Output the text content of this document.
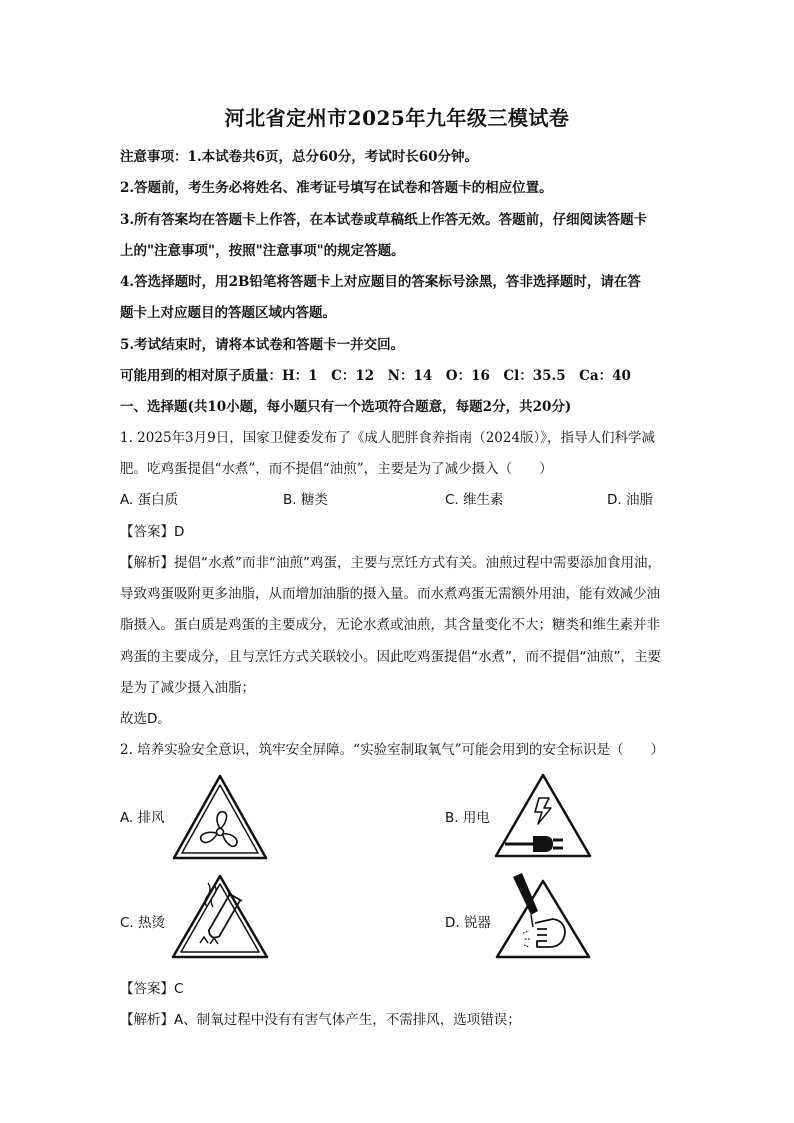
河北省定州市2025年九年级三模试卷
注意事项：1.本试卷共6页，总分60分，考试时长60分钟。
2.答题前，考生务必将姓名、准考证号填写在试卷和答题卡的相应位置。
3.所有答案均在答题卡上作答，在本试卷或草稿纸上作答无效。答题前，仔细阅读答题卡
上的"注意事项"，按照"注意事项"的规定答题。
4.答选择题时，用2B铅笔将答题卡上对应题目的答案标号涂黑，答非选择题时，请在答
题卡上对应题目的答题区域内答题。
5.考试结束时，请将本试卷和答题卡一并交回。
可能用到的相对原子质量：H：1　C：12　N：14　O：16　Cl：35.5　Ca：40
一、选择题(共10小题，每小题只有一个选项符合题意，每题2分，共20分)
1. 2025年3月9日，国家卫健委发布了《成人肥胖食养指南（2024版）》，指导人们科学减
肥。吃鸡蛋提倡“水煮”，而不提倡“油煎”，主要是为了减少摄入（　　）
A. 蛋白质	B. 糖类	C. 维生素	D. 油脂
【答案】D
【解析】提倡“水煮”而非“油煎”鸡蛋，主要与烹饪方式有关。油煎过程中需要添加食用油，
导致鸡蛋吸附更多油脂，从而增加油脂的摄入量。而水煮鸡蛋无需额外用油，能有效减少油
脂摄入。蛋白质是鸡蛋的主要成分，无论水煮或油煎，其含量变化不大；糖类和维生素并非
鸡蛋的主要成分，且与烹饪方式关联较小。因此吃鸡蛋提倡“水煮”，而不提倡“油煎”，主要
是为了减少摄入油脂；
故选D。
2. 培养实验安全意识，筑牢安全屏障。“实验室制取氧气”可能会用到的安全标识是（　　）
A. 排风	B. 用电
C. 热烫	D. 锐器
【答案】C
【解析】A、制氧过程中没有有害气体产生，不需排风，选项错误；
